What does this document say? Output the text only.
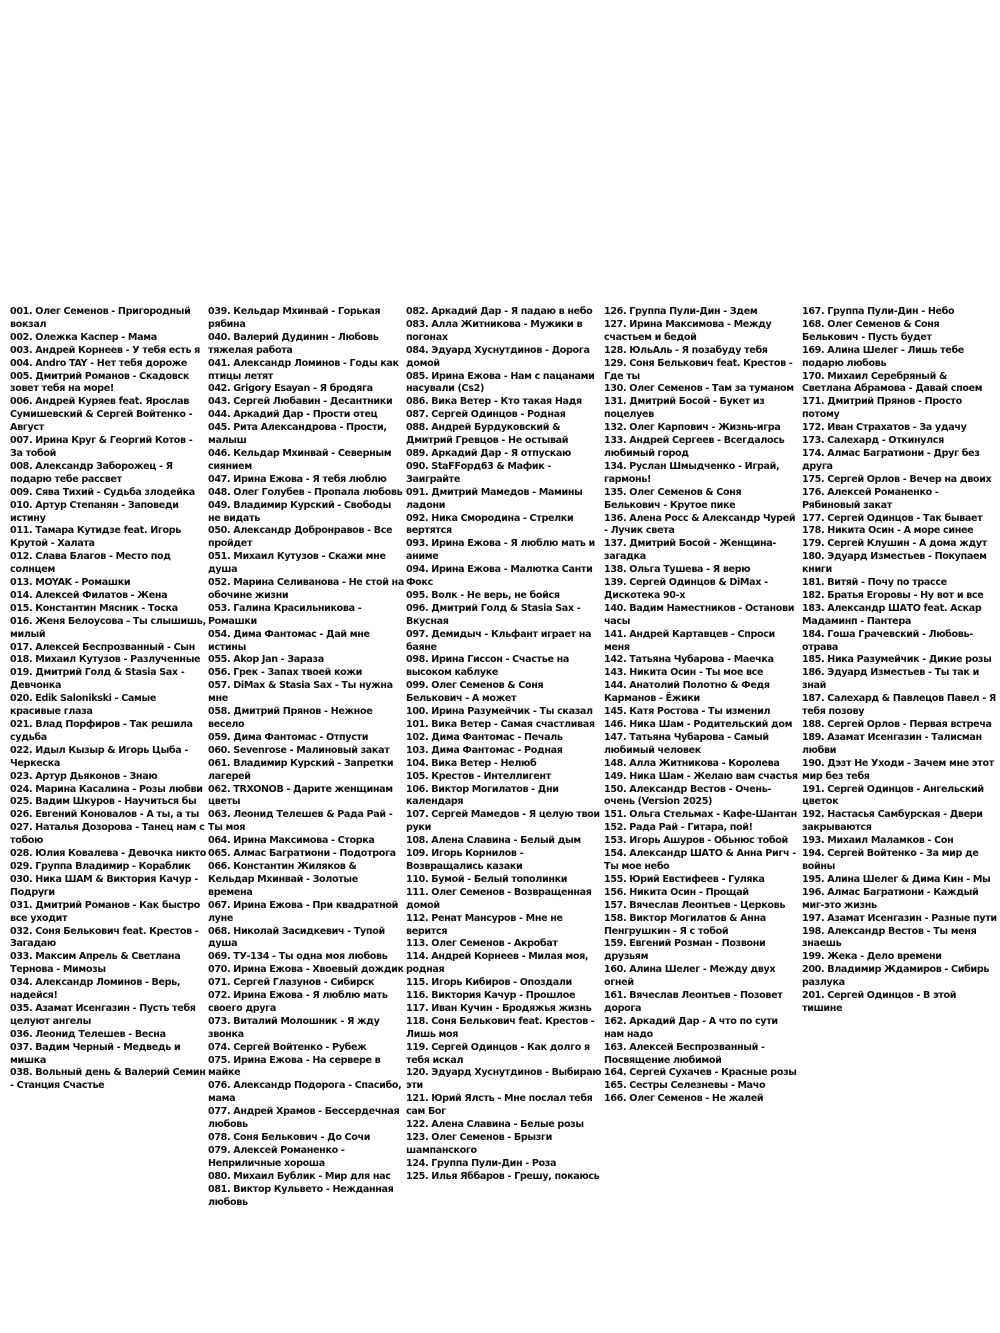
001. Олег Семенов - Пригородный вокзал
002. Олежка Каспер - Мама
003. Андрей Корнеев - У тебя есть я
004. Andro TAY - Нет тебя дороже
005. Дмитрий Романов - Скадовск зовет тебя на море!
006. Андрей Куряев feat. Ярослав Сумишевский & Сергей Войтенко - Август
007. Ирина Круг & Георгий Котов - За тобой
008. Александр Заборожец - Я подарю тебе рассвет
009. Сява Тихий - Судьба злодейка
010. Артур Степанян - Заповеди истину
011. Тамара Кутидзе feat. Игорь Крутой - Халата
012. Слава Благов - Место под солнцем
013. MOYAK - Ромашки
014. Алексей Филатов - Жена
015. Константин Мясник - Тоска
016. Женя Белоусова - Ты слышишь, милый
017. Алексей Беспрозванный - Сын
018. Михаил Кутузов - Разлученные
019. Дмитрий Голд & Stasia Sax - Девчонка
020. Edik Salonikski - Самые красивые глаза
021. Влад Порфиров - Так решила судьба
022. Идыл Кызыр & Игорь Цыба - Черкеска
023. Артур Дьяконов - Знаю
024. Марина Касалина - Розы любви
025. Вадим Шкуров - Научиться бы
026. Евгений Коновалов - А ты, а ты
027. Наталья Дозорова - Танец нам с тобою
028. Юлия Ковалева - Девочка никто
029. Группа Владимир - Кораблик
030. Ника ШАМ & Виктория Качур - Подруги
031. Дмитрий Романов - Как быстро все уходит
032. Соня Белькович feat. Крестов - Загадаю
033. Максим Апрель & Светлана Тернова - Мимозы
034. Александр Ломинов - Верь, надейся!
035. Азамат Исенгазин - Пусть тебя целуют ангелы
036. Леонид Телешев - Весна
037. Вадим Черный - Медведь и мишка
038. Вольный день & Валерий Семин - Станция Счастье
039. Кельдар Мхинвай - Горькая рябина
040. Валерий Дудинин - Любовь тяжелая работа
041. Александр Ломинов - Годы как птицы летят
042. Grigory Esayan - Я бродяга
043. Сергей Любавин - Десантники
044. Аркадий Дар - Прости отец
045. Рита Александрова - Прости, малыш
046. Кельдар Мхинвай - Северным сиянием
047. Ирина Ежова - Я тебя люблю
048. Олег Голубев - Пропала любовь
049. Владимир Курский - Свободы не видать
050. Александр Добронравов - Все пройдет
051. Михаил Кутузов - Скажи мне душа
052. Марина Селиванова - Не стой на обочине жизни
053. Галина Красильникова - Ромашки
054. Дима Фантомас - Дай мне истины
055. Akop Jan - Зараза
056. Грек - Запах твоей кожи
057. DiMax & Stasia Sax - Ты нужна мне
058. Дмитрий Прянов - Нежное весело
059. Дима Фантомас - Отпусти
060. Sevenrose - Малиновый закат
061. Владимир Курский - Запретки лагерей
062. TRXONOB - Дарите женщинам цветы
063. Леонид Телешев & Рада Рай - Ты моя
064. Ирина Максимова - Сторка
065. Алмас Багратиони - Подотрога
066. Константин Жиляков & Кельдар Мхинвай - Золотые времена
067. Ирина Ежова - При квадратной луне
068. Николай Засидкевич - Тупой душа
069. ТУ-134 - Ты одна моя любовь
070. Ирина Ежова - Хвоевый дождик
071. Сергей Глазунов - Сибирск
072. Ирина Ежова - Я люблю мать своего друга
073. Виталий Молошник - Я жду звонка
074. Сергей Войтенко - Рубеж
075. Ирина Ежова - На сервере в майке
076. Александр Подорога - Спасибо, мама
077. Андрей Храмов - Бессердечная любовь
078. Соня Белькович - До Сочи
079. Алексей Романенко - Неприличные хороша
080. Михаил Бублик - Мир для нас
081. Виктор Кульвето - Нежданная любовь
082. Аркадий Дар - Я падаю в небо
083. Алла Житникова - Мужики в погонах
084. Эдуард Хуснутдинов - Дорога домой
085. Ирина Ежова - Нам с пацанами насували (Cs2)
086. Вика Ветер - Кто такая Надя
087. Сергей Одинцов - Родная
088. Андрей Бурдуковский & Дмитрий Гревцов - Не остывай
089. Аркадий Дар - Я отпускаю
090. StaFFорд63 & Мафик - Заиграйте
091. Дмитрий Мамедов - Мамины ладони
092. Ника Смородина - Стрелки вертятся
093. Ирина Ежова - Я люблю мать и аниме
094. Ирина Ежова - Малютка Санти Фокс
095. Волк - Не верь, не бойся
096. Дмитрий Голд & Stasia Sax - Вкусная
097. Демидыч - Кльфант играет на баяне
098. Ирина Гиссон - Счастье на высоком каблуке
099. Олег Семенов & Соня Белькович - А может
100. Ирина Разумейчик - Ты сказал
101. Вика Ветер - Самая счастливая
102. Дима Фантомас - Печаль
103. Дима Фантомас - Родная
104. Вика Ветер - Нелюб
105. Крестов - Интеллигент
106. Виктор Могилатов - Дни календаря
107. Сергей Мамедов - Я целую твои руки
108. Алена Славина - Белый дым
109. Игорь Корнилов - Возвращались казаки
110. Бумой - Белый тополинки
111. Олег Семенов - Возвращенная домой
112. Ренат Мансуров - Мне не верится
113. Олег Семенов - Акробат
114. Андрей Корнеев - Милая моя, родная
115. Игорь Кибиров - Опоздали
116. Виктория Качур - Прошлое
117. Иван Кучин - Бродяжья жизнь
118. Соня Белькович feat. Крестов - Лишь моя
119. Сергей Одинцов - Как долго я тебя искал
120. Эдуард Хуснутдинов - Выбираю эти
121. Юрий Ялсть - Мне послал тебя сам Бог
122. Алена Славина - Белые розы
123. Олег Семенов - Брызги шампанского
124. Группа Пули-Дин - Роза
125. Илья Яббаров - Грешу, покаюсь
126. Группа Пули-Дин - Здем
127. Ирина Максимова - Между счастьем и бедой
128. ЮльАль - Я позабуду тебя
129. Соня Белькович feat. Крестов - Где ты
130. Олег Семенов - Там за туманом
131. Дмитрий Босой - Букет из поцелуев
132. Олег Карпович - Жизнь-игра
133. Андрей Сергеев - Всегдалось любимый город
134. Руслан Шмыдченко - Играй, гармонь!
135. Олег Семенов & Соня Белькович - Крутое пике
136. Алена Росс & Александр Чурей - Лучик света
137. Дмитрий Босой - Женщина-загадка
138. Ольга Тушева - Я верю
139. Сергей Одинцов & DiMax - Дискотека 90-х
140. Вадим Наместников - Останови часы
141. Андрей Картавцев - Спроси меня
142. Татьяна Чубарова - Маечка
143. Никита Осин - Ты мое все
144. Анатолий Полотно & Федя Карманов - Ёжики
145. Катя Ростова - Ты изменил
146. Ника Шам - Родительский дом
147. Татьяна Чубарова - Самый любимый человек
148. Алла Житникова - Королева
149. Ника Шам - Желаю вам счастья
150. Александр Вестов - Очень-очень (Version 2025)
151. Ольга Стельмах - Кафе-Шантан
152. Рада Рай - Гитара, пой!
153. Игорь Ашуров - Обьнюс тобой
154. Александр ШАТО & Анна Ригч - Ты мое небо
155. Юрий Евстифеев - Гуляка
156. Никита Осин - Прощай
157. Вячеслав Леонтьев - Церковь
158. Виктор Могилатов & Анна Пенгрушкин - Я с тобой
159. Евгений Розман - Позвони друзьям
160. Алина Шелег - Между двух огней
161. Вячеслав Леонтьев - Позовет дорога
162. Аркадий Дар - А что по сути нам надо
163. Алексей Беспрозванный - Посвящение любимой
164. Сергей Сухачев - Красные розы
165. Сестры Селезневы - Мачо
166. Олег Семенов - Не жалей
167. Группа Пули-Дин - Небо
168. Олег Семенов & Соня Белькович - Пусть будет
169. Алина Шелег - Лишь тебе подарю любовь
170. Михаил Серебряный & Светлана Абрамова - Давай споем
171. Дмитрий Прянов - Просто потому
172. Иван Страхатов - За удачу
173. Салехард - Откинулся
174. Алмас Багратиони - Друг без друга
175. Сергей Орлов - Вечер на двоих
176. Алексей Романенко - Рябиновый закат
177. Сергей Одинцов - Так бывает
178. Никита Осин - А море синее
179. Сергей Клушин - А дома ждут
180. Эдуард Изместьев - Покупаем книги
181. Витяй - Почу по трассе
182. Братья Егоровы - Ну вот и все
183. Александр ШАТО feat. Аскар Мадаминп - Пантера
184. Гоша Грачевский - Любовь-отрава
185. Ника Разумейчик - Дикие розы
186. Эдуард Изместьев - Ты так и знай
187. Салехард & Павлецов Павел - Я тебя позову
188. Сергей Орлов - Первая встреча
189. Азамат Исенгазин - Талисман любви
190. Дэзт Не Уходи - Зачем мне этот мир без тебя
191. Сергей Одинцов - Ангельский цветок
192. Настасья Самбурская - Двери закрываются
193. Михаил Маламков - Сон
194. Сергей Войтенко - За мир де войны
195. Алина Шелег & Дима Кин - Мы
196. Алмас Багратиони - Каждый миг-это жизнь
197. Азамат Исенгазин - Разные пути
198. Александр Вестов - Ты меня знаешь
199. Жека - Дело времени
200. Владимир Ждамиров - Сибирь разлука
201. Сергей Одинцов - В этой тишине
